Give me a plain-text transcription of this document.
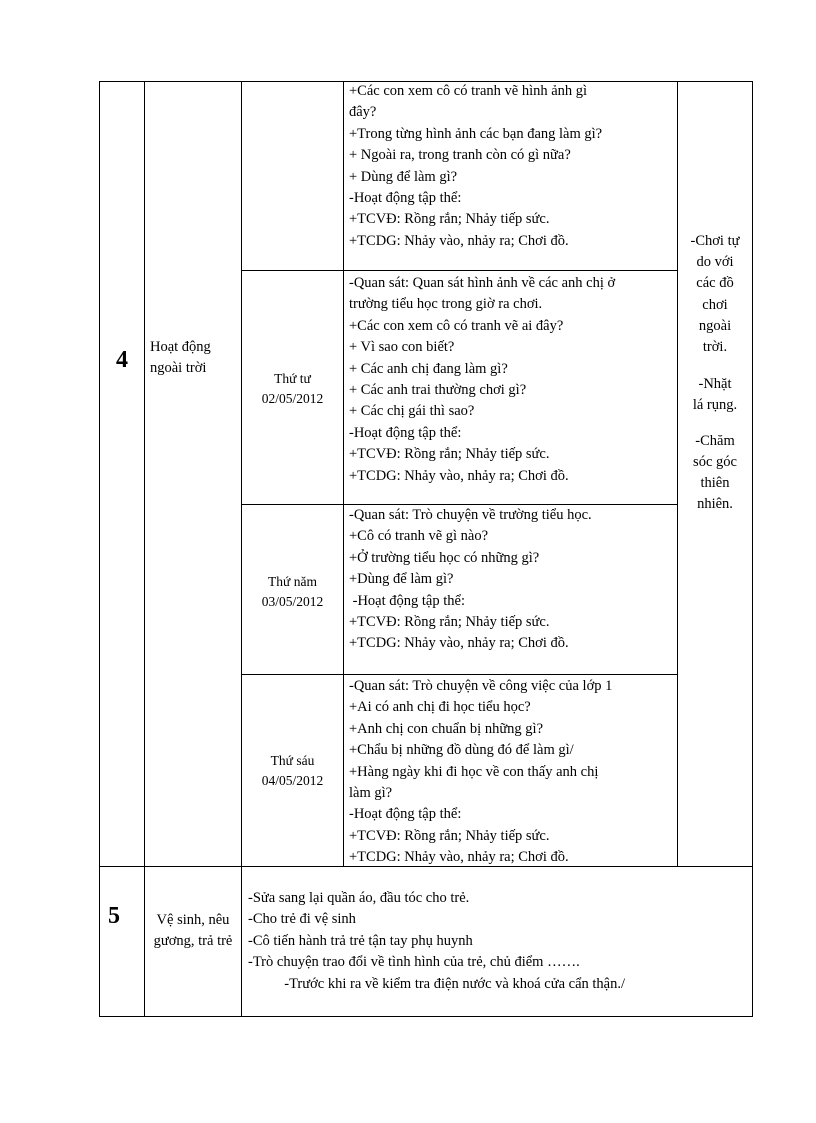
4	Hoạt động ngoài trời
+Các con xem cô có tranh vẽ hình ảnh gì
đây?
+Trong từng hình ảnh các bạn đang làm gì?
+ Ngoài ra, trong tranh còn có gì nữa?
+ Dùng để làm gì?
-Hoạt động tập thể:
+TCVĐ: Rồng rắn; Nhảy tiếp sức.
+TCDG: Nhảy vào, nhảy ra; Chơi đồ.
Thứ tư
02/05/2012
-Quan sát: Quan sát hình ảnh về các anh chị ở
trường tiểu học trong giờ ra chơi.
+Các con xem cô có tranh vẽ ai đây?
+ Vì sao con biết?
+ Các anh chị đang làm gì?
+ Các anh trai thường chơi gì?
+ Các chị gái thì sao?
-Hoạt động tập thể:
+TCVĐ: Rồng rắn; Nhảy tiếp sức.
+TCDG: Nhảy vào, nhảy ra; Chơi đồ.
Thứ năm
03/05/2012
-Quan sát: Trò chuyện về trường tiểu học.
+Cô có tranh vẽ gì nào?
+Ở trường tiểu học có những gì?
+Dùng để làm gì?
-Hoạt động tập thể:
+TCVĐ: Rồng rắn; Nhảy tiếp sức.
+TCDG: Nhảy vào, nhảy ra; Chơi đồ.
Thứ sáu
04/05/2012
-Quan sát: Trò chuyện về công việc của lớp 1
+Ai có anh chị đi học tiểu học?
+Anh chị con chuẩn bị những gì?
+Chẩu bị những đồ dùng đó để làm gì/
+Hàng ngày khi đi học về con thấy anh chị
làm gì?
-Hoạt động tập thể:
+TCVĐ: Rồng rắn; Nhảy tiếp sức.
+TCDG: Nhảy vào, nhảy ra; Chơi đồ.
-Chơi tự
do với
các đồ
chơi
ngoài
trời.
-Nhặt
lá rụng.
-Chăm
sóc góc
thiên
nhiên.
5	Vệ sinh, nêu gương, trả trẻ
-Sửa sang lại quần áo, đầu tóc cho trẻ.
-Cho trẻ đi vệ sinh
-Cô tiến hành trả trẻ tận tay phụ huynh
-Trò chuyện trao đổi về tình hình của trẻ, chủ điểm …….
-Trước khi ra về kiểm tra điện nước và khoá cửa cẩn thận./
